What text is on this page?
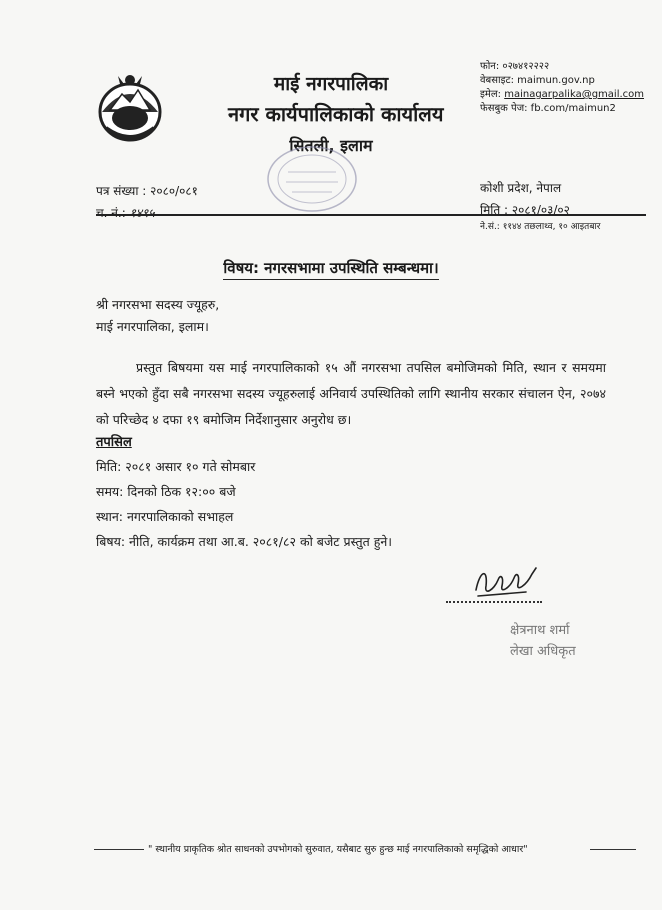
माई नगरपालिका
नगर कार्यपालिकाको कार्यालय
सितली, इलाम
फोन: ०२७४१२२२२
वेबसाइट: maimun.gov.np
इमेल: mainagarpalika@gmail.com
फेसबुक पेज: fb.com/maimun2
पत्र संख्या : २०८०/०८१
च. नं.: १४९५
कोशी प्रदेश, नेपाल
मिति : २०८१/०३/०२
ने.सं.: ११४४ तछलाथ्व, १० आइतबार
विषय: नगरसभामा उपस्थिति सम्बन्धमा।
श्री नगरसभा सदस्य ज्यूहरु,
माई नगरपालिका, इलाम।
प्रस्तुत बिषयमा यस माई नगरपालिकाको १५ औं नगरसभा तपसिल बमोजिमको मिति, स्थान र समयमा बस्ने भएको हुँदा सबै नगरसभा सदस्य ज्यूहरुलाई अनिवार्य उपस्थितिको लागि स्थानीय सरकार संचालन ऐन, २०७४ को परिच्छेद ४ दफा १९ बमोजिम निर्देशानुसार अनुरोध छ।
तपसिल
मिति: २०८१ असार १० गते सोमबार
समय: दिनको ठिक १२:०० बजे
स्थान: नगरपालिकाको सभाहल
बिषय: नीति, कार्यक्रम तथा आ.ब. २०८१/८२ को बजेट प्रस्तुत हुने।
क्षेत्रनाथ शर्मा
लेखा अधिकृत
" स्थानीय प्राकृतिक श्रोत साधनको उपभोगको सुरुवात, यसैबाट सुरु हुन्छ माई नगरपालिकाको समृद्धिको आधार"
